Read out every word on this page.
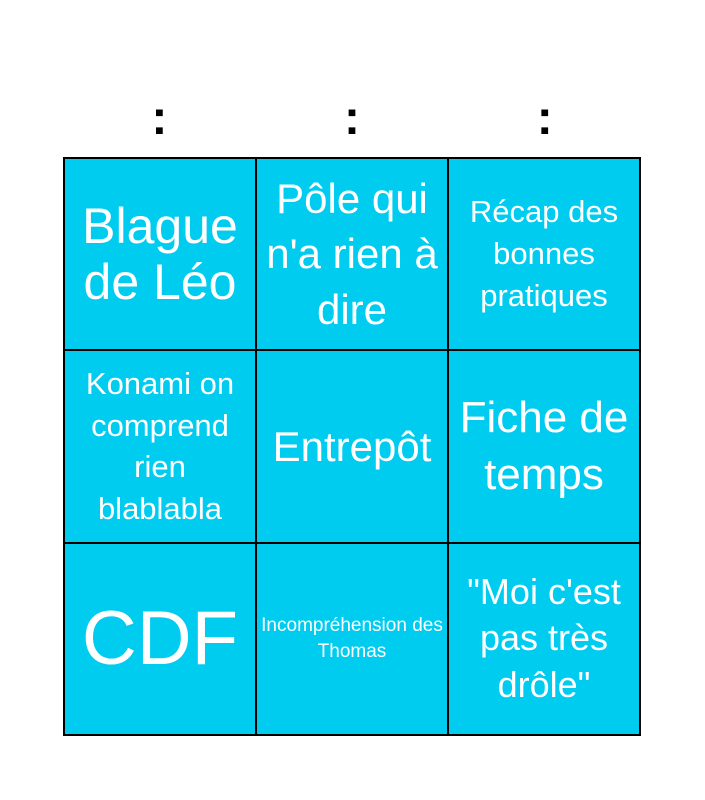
:	:	:
Blague de Léo
Pôle qui n'a rien à dire
Récap des bonnes pratiques
Konami on comprend rien blablabla
Entrepôt
Fiche de temps
CDF Incompréhension des Thomas
"Moi c'est pas très drôle"
